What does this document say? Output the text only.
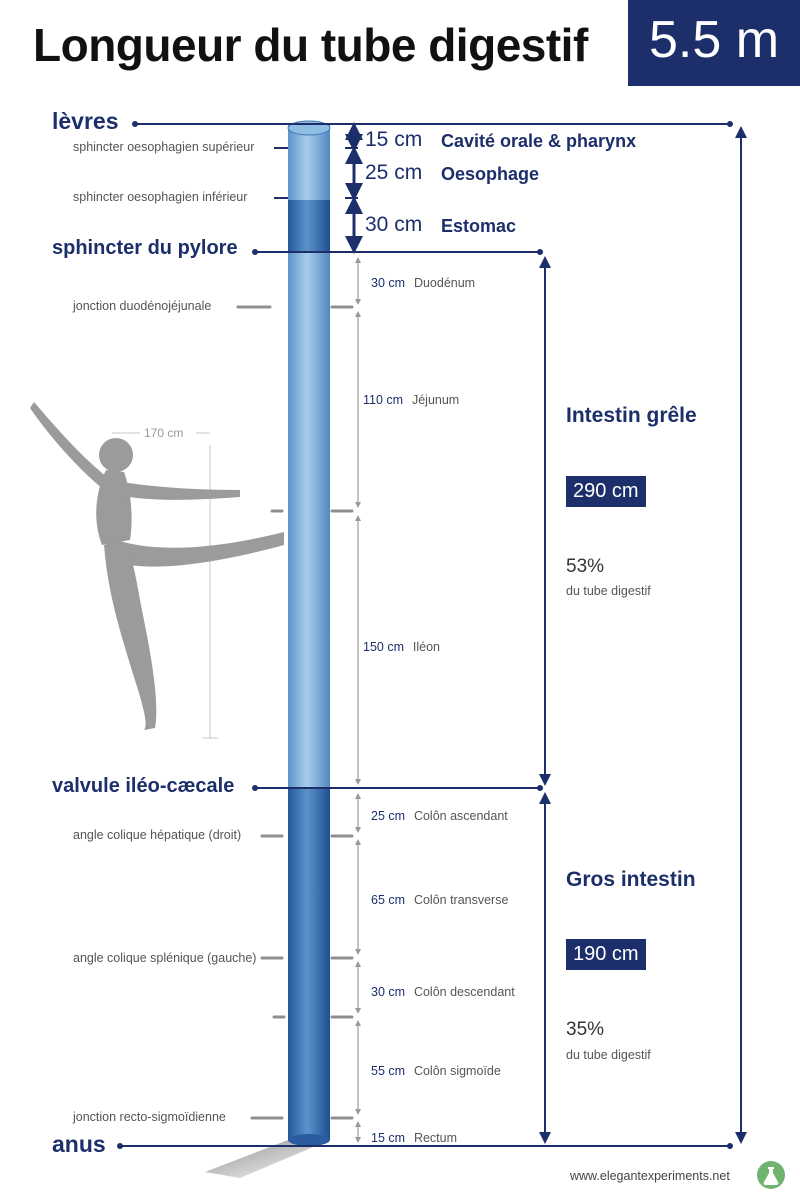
Longueur du tube digestif	5.5 m
lèvres
sphincter du pylore
valvule iléo-cæcale
anus
sphincter oesophagien supérieur
sphincter oesophagien inférieur
jonction duodénojéjunale
angle colique hépatique (droit)
angle colique splénique (gauche)
jonction recto-sigmoïdienne
15 cm Cavité orale & pharynx
25 cm Oesophage
30 cm Estomac
30 cm Duodénum
110 cm Jéjunum
150 cm Iléon
25 cm Colôn ascendant
65 cm Colôn transverse
30 cm Colôn descendant
55 cm Colôn sigmoïde
15 cm Rectum
Intestin grêle
290 cm
53%
du tube digestif
Gros intestin
190 cm
35%
du tube digestif
170 cm
www.elegantexperiments.net
